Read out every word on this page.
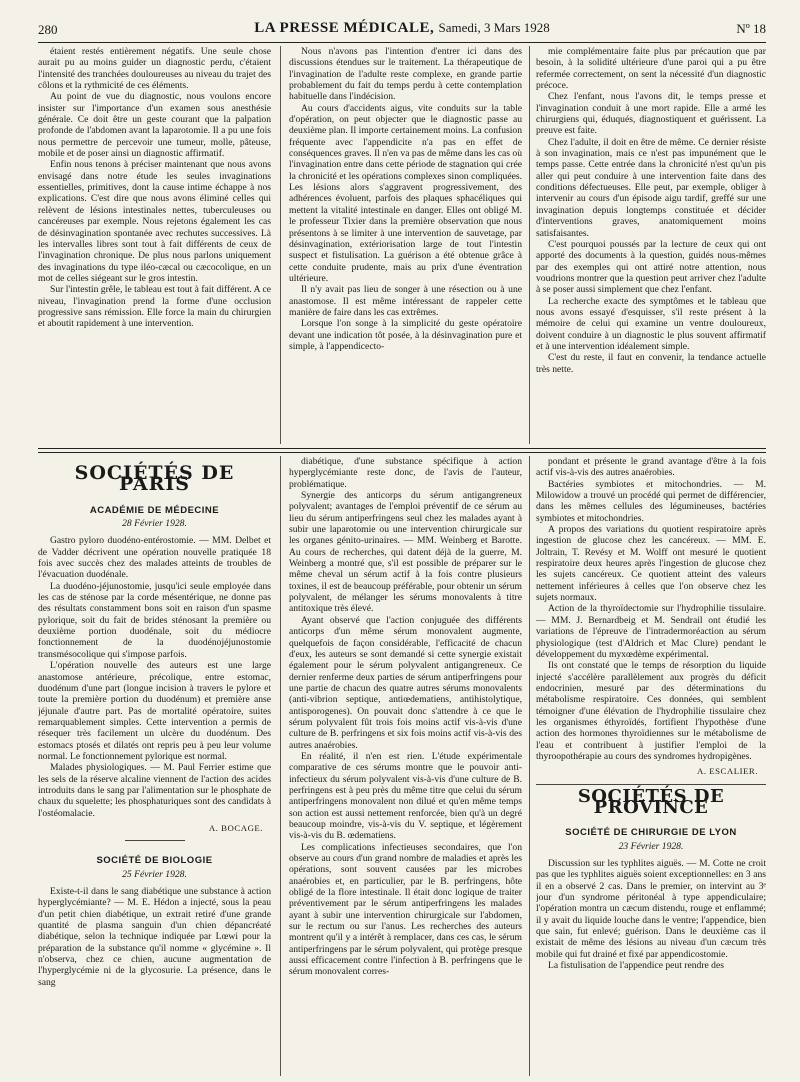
280	LA PRESSE MÉDICALE, Samedi, 3 Mars 1928	Nº 18

étaient restés entièrement négatifs. Une seule chose aurait pu au moins guider un diagnostic perdu, c'étaient l'intensité des tranchées douloureuses au niveau du trajet des côlons et la rythmicité de ces éléments.

Au point de vue du diagnostic, nous voulons encore insister sur l'importance d'un examen sous anesthésie générale. Ce doit être un geste courant que la palpation profonde de l'abdomen avant la laparotomie. Il a pu une fois nous permettre de percevoir une tumeur, molle, pâteuse, mobile et de poser ainsi un diagnostic affirmatif.

Enfin nous tenons à préciser maintenant que nous avons envisagé dans notre étude les seules invaginations essentielles, primitives, dont la cause intime échappe à nos explications. C'est dire que nous avons éliminé celles qui relèvent de lésions intestinales nettes, tuberculeuses ou cancéreuses par exemple. Nous rejetons également les cas de désinvagination spontanée avec rechutes successives. Là les intervalles libres sont tout à fait différents de ceux de l'invagination chronique. De plus nous parlons uniquement des invaginations du type iléo-cæcal ou cæcocolique, en un mot de celles siégeant sur le gros intestin.

Sur l'intestin grêle, le tableau est tout à fait différent. A ce niveau, l'invagination prend la forme d'une occlusion progressive sans rémission. Elle force la main du chirurgien et aboutit rapidement à une intervention.

Nous n'avons pas l'intention d'entrer ici dans des discussions étendues sur le traitement. La thérapeutique de l'invagination de l'adulte reste complexe, en grande partie probablement du fait du temps perdu à cette contemplation habituelle dans l'indécision.

Au cours d'accidents aigus, vite conduits sur la table d'opération, on peut objecter que le diagnostic passe au deuxième plan. Il importe certainement moins. La confusion fréquente avec l'appendicite n'a pas en effet de conséquences graves. Il n'en va pas de même dans les cas où l'invagination entre dans cette période de stagnation qui crée la chronicité et les opérations complexes sinon compliquées. Les lésions alors s'aggravent progressivement, des adhérences évoluent, parfois des plaques sphacéliques qui mettent la vitalité intestinale en danger. Elles ont obligé M. le professeur Tixier dans la première observation que nous présentons à se limiter à une intervention de sauvetage, par désinvagination, extériorisation large de tout l'intestin suspect et fistulisation. La guérison a été obtenue grâce à cette conduite prudente, mais au prix d'une éventration ultérieure.

Il n'y avait pas lieu de songer à une résection ou à une anastomose. Il est même intéressant de rappeler cette manière de faire dans les cas extrêmes.

Lorsque l'on songe à la simplicité du geste opératoire devant une indication tôt posée, à la désinvagination pure et simple, à l'appendicecto-

mie complémentaire faite plus par précaution que par besoin, à la solidité ultérieure d'une paroi qui a pu être refermée correctement, on sent la nécessité d'un diagnostic précoce.

Chez l'enfant, nous l'avons dit, le temps presse et l'invagination conduit à une mort rapide. Elle a armé les chirurgiens qui, éduqués, diagnostiquent et guérissent. La preuve est faite.

Chez l'adulte, il doit en être de même. Ce dernier résiste à son invagination, mais ce n'est pas impunément que le temps passe. Cette entrée dans la chronicité n'est qu'un pis aller qui peut conduire à une intervention faite dans des conditions défectueuses. Elle peut, par exemple, obliger à intervenir au cours d'un épisode aigu tardif, greffé sur une invagination depuis longtemps constituée et décider d'interventions graves, anatomiquement moins satisfaisantes.

C'est pourquoi poussés par la lecture de ceux qui ont apporté des documents à la question, guidés nous-mêmes par des exemples qui ont attiré notre attention, nous voudrions montrer que la question peut arriver chez l'adulte à se poser aussi simplement que chez l'enfant.

La recherche exacte des symptômes et le tableau que nous avons essayé d'esquisser, s'il reste présent à la mémoire de celui qui examine un ventre douloureux, doivent conduire à un diagnostic le plus souvent affirmatif et à une intervention idéalement simple.

C'est du reste, il faut en convenir, la tendance actuelle très nette.

SOCIÉTÉS DE PARIS
ACADÉMIE DE MÉDECINE
28 Février 1928.

Gastro pyloro duodéno-entérostomie. — MM. Delbet et de Vadder décrivent une opération nouvelle pratiquée 18 fois avec succès chez des malades atteints de troubles de l'évacuation duodénale.

La duodéno-jéjunostomie, jusqu'ici seule employée dans les cas de sténose par la corde mésentérique, ne donne pas des résultats constamment bons soit en raison d'un spasme pylorique, soit du fait de brides sténosant la première ou deuxième portion duodénale, soit du médiocre fonctionnement de la duodénojéjunostomie transmésocolique qui s'impose parfois.

L'opération nouvelle des auteurs est une large anastomose antérieure, précolique, entre estomac, duodénum d'une part (longue incision à travers le pylore et toute la première portion du duodénum) et première anse jéjunale d'autre part. Pas de mortalité opératoire, suites remarquablement simples. Cette intervention a permis de résequer très facilement un ulcère du duodénum. Des estomacs ptosés et dilatés ont repris peu à peu leur volume normal. Le fonctionnement pylorique est normal.

Malades physiologiques. — M. Paul Ferrier estime que les sels de la réserve alcaline viennent de l'action des acides introduits dans le sang par l'alimentation sur le phosphate de chaux du squelette; les phosphaturiques sont des candidats à l'ostéomalacie.

A. BOCAGE.
SOCIÉTÉ DE BIOLOGIE
25 Février 1928.

Existe-t-il dans le sang diabétique une substance à action hyperglycémiante? — M. E. Hédon a injecté, sous la peau d'un petit chien diabétique, un extrait retiré d'une grande quantité de plasma sanguin d'un chien dépancréaté diabétique, selon la technique indiquée par Lœwi pour la préparation de la substance qu'il nomme « glycémine ». Il n'observa, chez ce chien, aucune augmentation de l'hyperglycémie ni de la glycosurie. La présence, dans le sang

diabétique, d'une substance spécifique à action hyperglycémiante reste donc, de l'avis de l'auteur, problématique.

Synergie des anticorps du sérum antigangreneux polyvalent; avantages de l'emploi préventif de ce sérum au lieu du sérum antiperfringens seul chez les malades ayant à subir une laparotomie ou une intervention chirurgicale sur les organes génito-urinaires. — MM. Weinberg et Barotte. Au cours de recherches, qui datent déjà de la guerre, M. Weinberg a montré que, s'il est possible de préparer sur le même cheval un sérum actif à la fois contre plusieurs toxines, il est de beaucoup préférable, pour obtenir un sérum polyvalent, de mélanger les sérums monovalents à titre antitoxique très élevé.

Ayant observé que l'action conjuguée des différents anticorps d'un même sérum monovalent augmente, quelquefois de façon considérable, l'efficacité de chacun d'eux, les auteurs se sont demandé si cette synergie existait également pour le sérum polyvalent antigangreneux. Ce dernier renferme deux parties de sérum antiperfringens pour une partie de chacun des quatre autres sérums monovalents (anti-vibrion septique, antiœdematiens, antihistolytique, antisporogenes). On pouvait donc s'attendre à ce que le sérum polyvalent fût trois fois moins actif vis-à-vis d'une culture de B. perfringens et six fois moins actif vis-à-vis des autres anaérobies.

En réalité, il n'en est rien. L'étude expérimentale comparative de ces sérums montre que le pouvoir anti-infectieux du sérum polyvalent vis-à-vis d'une culture de B. perfringens est à peu près du même titre que celui du sérum antiperfringens monovalent non dilué et qu'en même temps son action est aussi nettement renforcée, bien qu'à un degré beaucoup moindre, vis-à-vis du V. septique, et légèrement vis-à-vis du B. œdematiens.

Les complications infectieuses secondaires, que l'on observe au cours d'un grand nombre de maladies et après les opérations, sont souvent causées par les microbes anaérobies et, en particulier, par le B. perfringens, hôte obligé de la flore intestinale. Il était donc logique de traiter préventivement par le sérum antiperfringens les malades ayant à subir une intervention chirurgicale sur l'abdomen, sur le rectum ou sur l'anus. Les recherches des auteurs montrent qu'il y a intérêt à remplacer, dans ces cas, le sérum antiperfringens par le sérum polyvalent, qui protège presque aussi efficacement contre l'infection à B. perfringens que le sérum monovalent corres-

pondant et présente le grand avantage d'être à la fois actif vis-à-vis des autres anaérobies.

Bactéries symbiotes et mitochondries. — M. Milowidow a trouvé un procédé qui permet de différencier, dans les mêmes cellules des légumineuses, bactéries symbiotes et mitochondries.

A propos des variations du quotient respiratoire après ingestion de glucose chez les cancéreux. — MM. E. Joltrain, T. Revésy et M. Wolff ont mesuré le quotient respiratoire deux heures après l'ingestion de glucose chez les sujets cancéreux. Ce quotient atteint des valeurs nettement inférieures à celles que l'on observe chez les sujets normaux.

Action de la thyroïdectomie sur l'hydrophilie tissulaire. — MM. J. Bernardbeig et M. Sendrail ont étudié les variations de l'épreuve de l'intradermoréaction au sérum physiologique (test d'Aldrich et Mac Clure) pendant le développement du myxœdème expérimental.

Ils ont constaté que le temps de résorption du liquide injecté s'accélère parallèlement aux progrès du déficit endocrinien, mesuré par des déterminations du métabolisme respiratoire. Ces données, qui semblent témoigner d'une élévation de l'hydrophilie tissulaire chez les organismes éthyroïdés, fortifient l'hypothèse d'une action des hormones thyroïdiennes sur le métabolisme de l'eau et contribuent à justifier l'emploi de la thyroopothérapie au cours des syndromes hydropigènes.

A. ESCALIER.
SOCIÉTÉS DE PROVINCE
SOCIÉTÉ DE CHIRURGIE DE LYON
23 Février 1928.

Discussion sur les typhlites aiguës. — M. Cotte ne croit pas que les typhlites aiguës soient exceptionnelles: en 3 ans il en a observé 2 cas. Dans le premier, on intervint au 3ᵉ jour d'un syndrome péritonéal à type appendiculaire; l'opération montra un cæcum distendu, rouge et enflammé; il y avait du liquide louche dans le ventre; l'appendice, bien que sain, fut enlevé; guérison. Dans le deuxième cas il existait de même des lésions au niveau d'un cæcum très mobile qui fut drainé et fixé par appendicostomie.

La fistulisation de l'appendice peut rendre des
